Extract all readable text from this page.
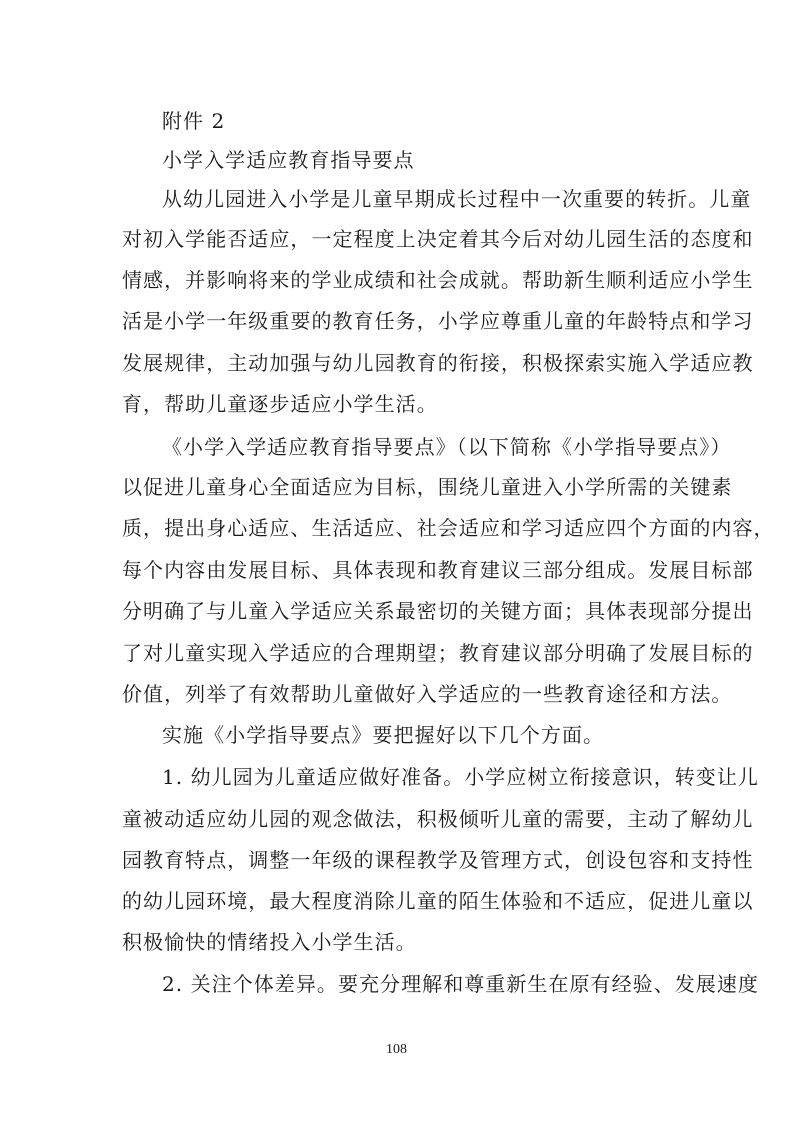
附件 2
小学入学适应教育指导要点
从幼儿园进入小学是儿童早期成长过程中一次重要的转折。儿童
对初入学能否适应，一定程度上决定着其今后对幼儿园生活的态度和
情感，并影响将来的学业成绩和社会成就。帮助新生顺利适应小学生
活是小学一年级重要的教育任务，小学应尊重儿童的年龄特点和学习
发展规律，主动加强与幼儿园教育的衔接，积极探索实施入学适应教
育，帮助儿童逐步适应小学生活。
《小学入学适应教育指导要点》（以下简称《小学指导要点》）
以促进儿童身心全面适应为目标，围绕儿童进入小学所需的关键素
质，提出身心适应、生活适应、社会适应和学习适应四个方面的内容，
每个内容由发展目标、具体表现和教育建议三部分组成。发展目标部
分明确了与儿童入学适应关系最密切的关键方面；具体表现部分提出
了对儿童实现入学适应的合理期望；教育建议部分明确了发展目标的
价值，列举了有效帮助儿童做好入学适应的一些教育途径和方法。
实施《小学指导要点》要把握好以下几个方面。
1. 幼儿园为儿童适应做好准备。小学应树立衔接意识，转变让儿
童被动适应幼儿园的观念做法，积极倾听儿童的需要，主动了解幼儿
园教育特点，调整一年级的课程教学及管理方式，创设包容和支持性
的幼儿园环境，最大程度消除儿童的陌生体验和不适应，促进儿童以
积极愉快的情绪投入小学生活。
2. 关注个体差异。要充分理解和尊重新生在原有经验、发展速度
108
